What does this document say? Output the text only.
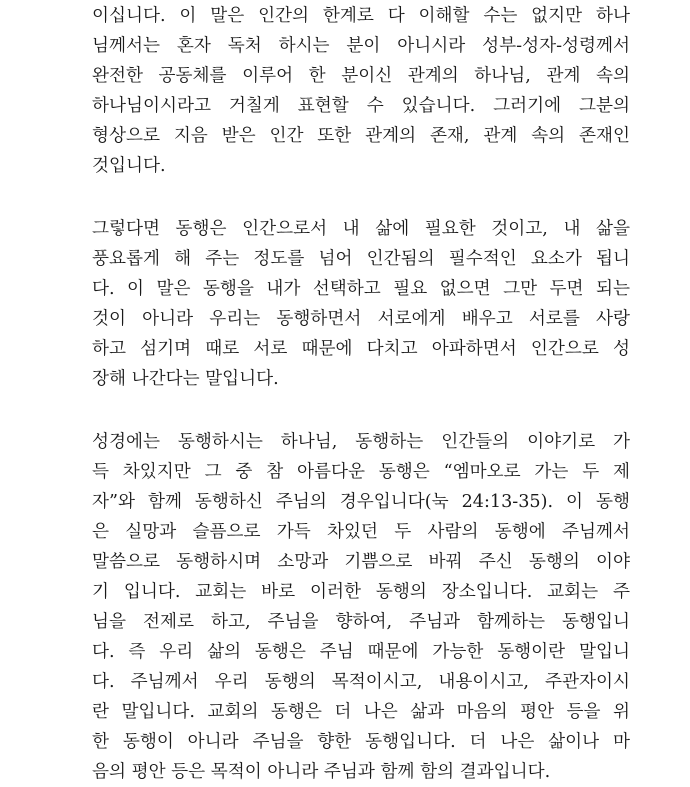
이십니다. 이 말은 인간의 한계로 다 이해할 수는 없지만 하나
님께서는 혼자 독처 하시는 분이 아니시라 성부-성자-성령께서
완전한 공동체를 이루어 한 분이신 관계의 하나님, 관계 속의
하나님이시라고 거칠게 표현할 수 있습니다. 그러기에 그분의
형상으로 지음 받은 인간 또한 관계의 존재, 관계 속의 존재인
것입니다.
그렇다면 동행은 인간으로서 내 삶에 필요한 것이고, 내 삶을
풍요롭게 해 주는 정도를 넘어 인간됨의 필수적인 요소가 됩니
다. 이 말은 동행을 내가 선택하고 필요 없으면 그만 두면 되는
것이 아니라 우리는 동행하면서 서로에게 배우고 서로를 사랑
하고 섬기며 때로 서로 때문에 다치고 아파하면서 인간으로 성
장해 나간다는 말입니다.
성경에는 동행하시는 하나님, 동행하는 인간들의 이야기로 가
득 차있지만 그 중 참 아름다운 동행은 “엠마오로 가는 두 제
자”와 함께 동행하신 주님의 경우입니다(눅 24:13-35). 이 동행
은 실망과 슬픔으로 가득 차있던 두 사람의 동행에 주님께서
말씀으로 동행하시며 소망과 기쁨으로 바꿔 주신 동행의 이야
기 입니다. 교회는 바로 이러한 동행의 장소입니다. 교회는 주
님을 전제로 하고, 주님을 향하여, 주님과 함께하는 동행입니
다. 즉 우리 삶의 동행은 주님 때문에 가능한 동행이란 말입니
다. 주님께서 우리 동행의 목적이시고, 내용이시고, 주관자이시
란 말입니다. 교회의 동행은 더 나은 삶과 마음의 평안 등을 위
한 동행이 아니라 주님을 향한 동행입니다. 더 나은 삶이나 마
음의 평안 등은 목적이 아니라 주님과 함께 함의 결과입니다.
